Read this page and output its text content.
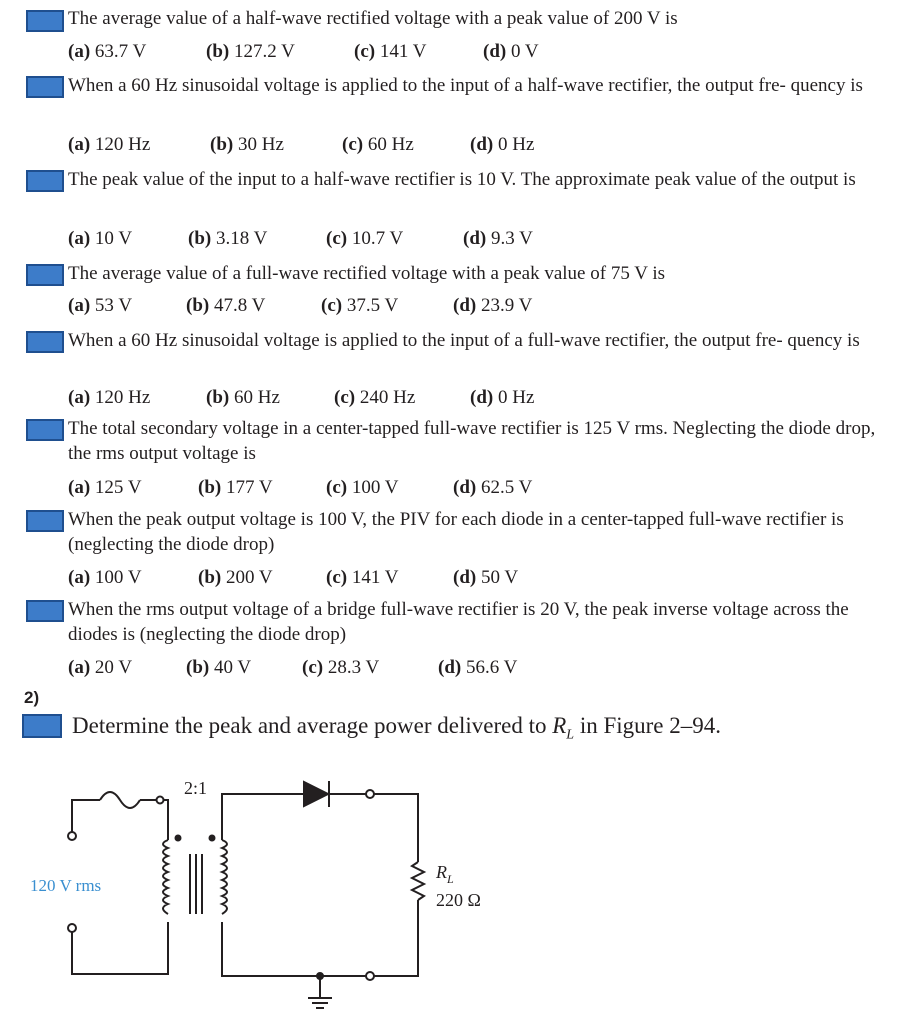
The average value of a half-wave rectified voltage with a peak value of 200 V is
(a) 63.7 V	(b) 127.2 V	(c) 141 V	(d) 0 V
When a 60 Hz sinusoidal voltage is applied to the input of a half-wave rectifier, the output fre- quency is
(a) 120 Hz	(b) 30 Hz	(c) 60 Hz	(d) 0 Hz
The peak value of the input to a half-wave rectifier is 10 V. The approximate peak value of the output is
(a) 10 V	(b) 3.18 V	(c) 10.7 V	(d) 9.3 V
The average value of a full-wave rectified voltage with a peak value of 75 V is
(a) 53 V	(b) 47.8 V	(c) 37.5 V	(d) 23.9 V
When a 60 Hz sinusoidal voltage is applied to the input of a full-wave rectifier, the output fre- quency is
(a) 120 Hz	(b) 60 Hz	(c) 240 Hz	(d) 0 Hz
The total secondary voltage in a center-tapped full-wave rectifier is 125 V rms. Neglecting the diode drop, the rms output voltage is
(a) 125 V	(b) 177 V	(c) 100 V	(d) 62.5 V
When the peak output voltage is 100 V, the PIV for each diode in a center-tapped full-wave rectifier is (neglecting the diode drop)
(a) 100 V	(b) 200 V	(c) 141 V	(d) 50 V
When the rms output voltage of a bridge full-wave rectifier is 20 V, the peak inverse voltage across the diodes is (neglecting the diode drop)
(a) 20 V	(b) 40 V	(c) 28.3 V	(d) 56.6 V
2)
Determine the peak and average power delivered to $R_L$ in Figure 2–94.
2:1
120 V rms
$R_L$
220 Ω
